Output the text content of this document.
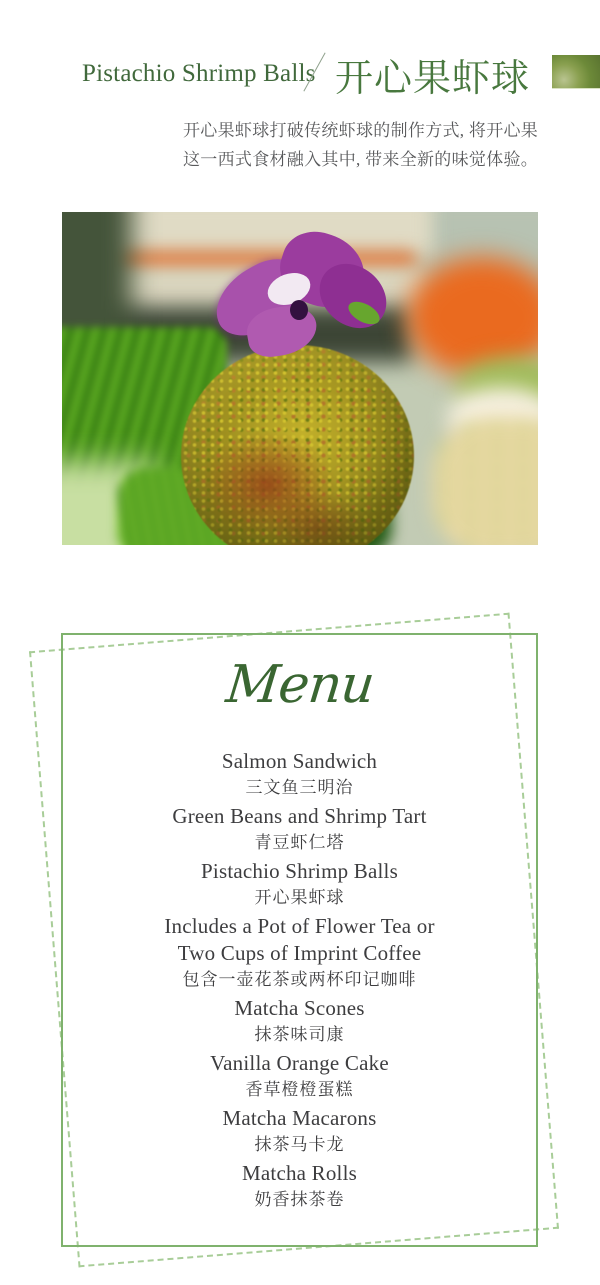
Pistachio Shrimp Balls 开心果虾球
开心果虾球打破传统虾球的制作方式, 将开心果这一西式食材融入其中, 带来全新的味觉体验。
Menu
Salmon Sandwich
三文鱼三明治
Green Beans and Shrimp Tart
青豆虾仁塔
Pistachio Shrimp Balls
开心果虾球
Includes a Pot of Flower Tea or
Two Cups of Imprint Coffee
包含一壶花茶或两杯印记咖啡
Matcha Scones
抹茶味司康
Vanilla Orange Cake
香草橙橙蛋糕
Matcha Macarons
抹茶马卡龙
Matcha Rolls
奶香抹茶卷
